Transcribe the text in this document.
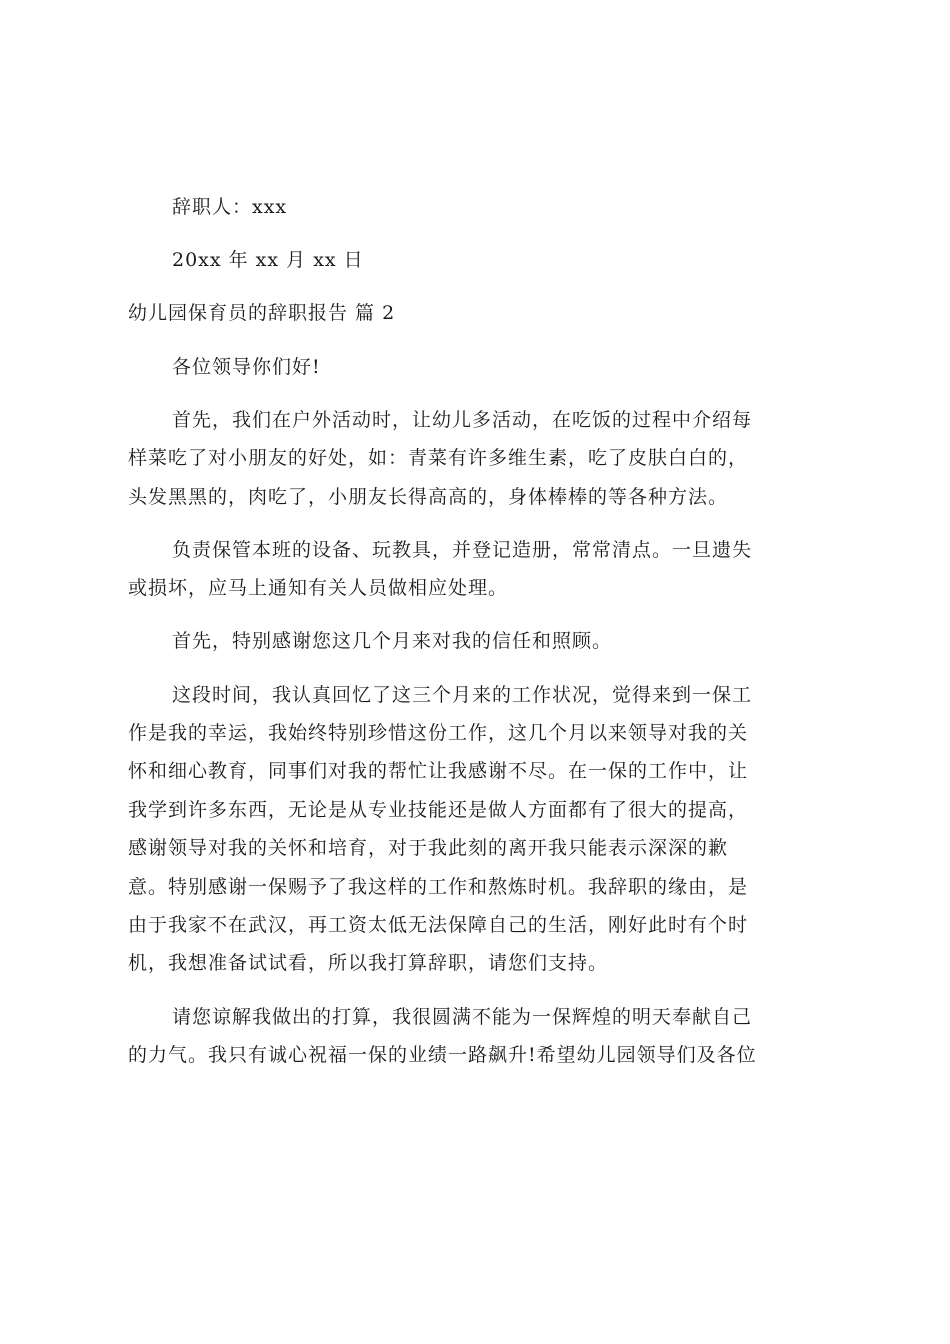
辞职人：xxx
20xx 年 xx 月 xx 日
幼儿园保育员的辞职报告 篇 2
各位领导你们好!
首先，我们在户外活动时，让幼儿多活动，在吃饭的过程中介绍每
样菜吃了对小朋友的好处，如：青菜有许多维生素，吃了皮肤白白的，
头发黑黑的，肉吃了，小朋友长得高高的，身体棒棒的等各种方法。
负责保管本班的设备、玩教具，并登记造册，常常清点。一旦遗失
或损坏，应马上通知有关人员做相应处理。
首先，特别感谢您这几个月来对我的信任和照顾。
这段时间，我认真回忆了这三个月来的工作状况，觉得来到一保工
作是我的幸运，我始终特别珍惜这份工作，这几个月以来领导对我的关
怀和细心教育，同事们对我的帮忙让我感谢不尽。在一保的工作中，让
我学到许多东西，无论是从专业技能还是做人方面都有了很大的提高，
感谢领导对我的关怀和培育，对于我此刻的离开我只能表示深深的歉
意。特别感谢一保赐予了我这样的工作和熬炼时机。我辞职的缘由，是
由于我家不在武汉，再工资太低无法保障自己的生活，刚好此时有个时
机，我想准备试试看，所以我打算辞职，请您们支持。
请您谅解我做出的打算，我很圆满不能为一保辉煌的明天奉献自己
的力气。我只有诚心祝福一保的业绩一路飙升!希望幼儿园领导们及各位
